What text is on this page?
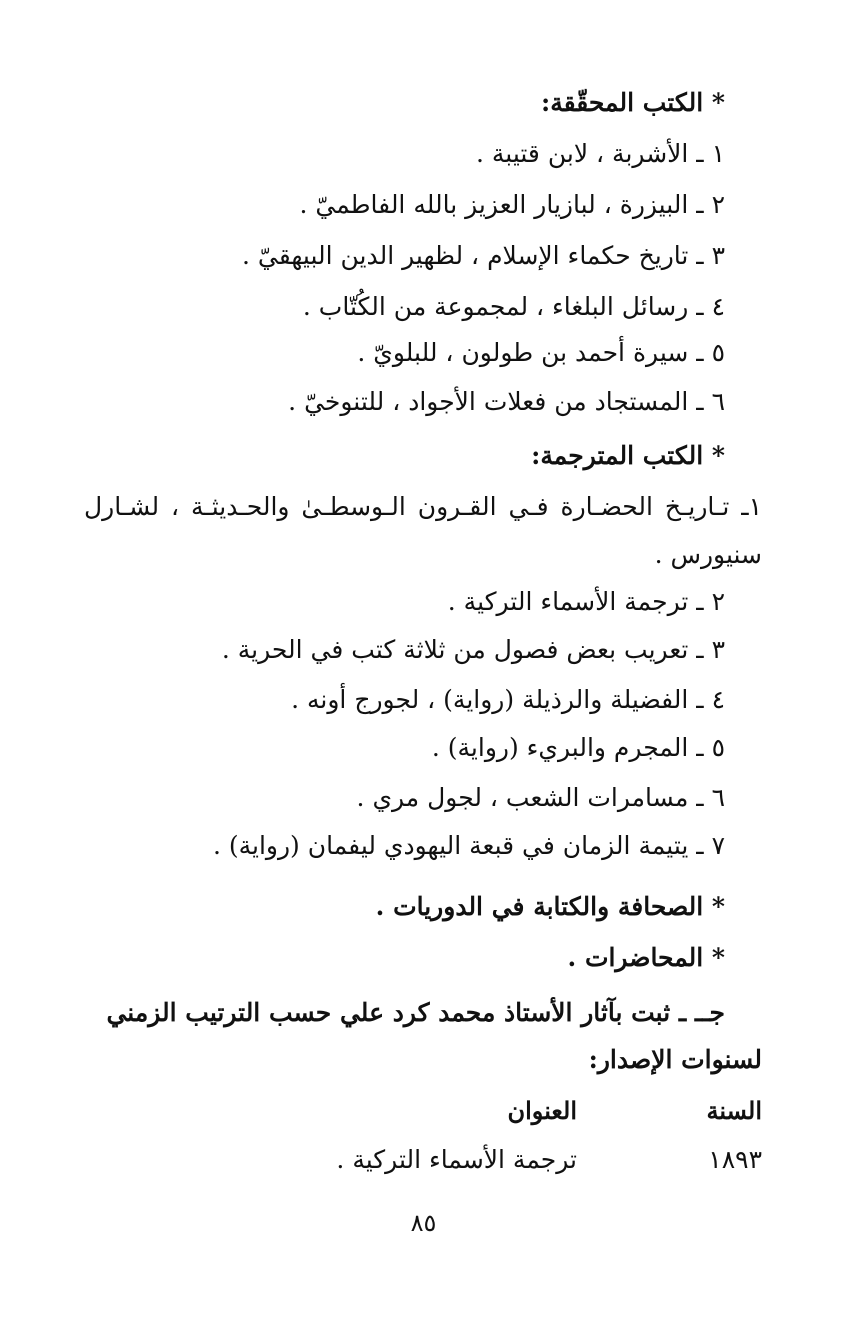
* الكتب المحقّقة:
١ ـ الأشربة ، لابن قتيبة .
٢ ـ البيزرة ، لبازيار العزيز بالله الفاطميّ .
٣ ـ تاريخ حكماء الإسلام ، لظهير الدين البيهقيّ .
٤ ـ رسائل البلغاء ، لمجموعة من الكُتّاب .
٥ ـ سيرة أحمد بن طولون ، للبلويّ .
٦ ـ المستجاد من فعلات الأجواد ، للتنوخيّ .
* الكتب المترجمة:
١ـ تـاريـخ الحضـارة فـي القـرون الـوسطـىٰ والحـديثـة ، لشـارل
سنيورس .
٢ ـ ترجمة الأسماء التركية .
٣ ـ تعريب بعض فصول من ثلاثة كتب في الحرية .
٤ ـ الفضيلة والرذيلة (رواية) ، لجورج أونه .
٥ ـ المجرم والبريء (رواية) .
٦ ـ مسامرات الشعب ، لجول مري .
٧ ـ يتيمة الزمان في قبعة اليهودي ليفمان (رواية) .
* الصحافة والكتابة في الدوريات .
* المحاضرات .
جــ ـ ثبت بآثار الأستاذ محمد كرد علي حسب الترتيب الزمني
لسنوات الإصدار:
السنة
العنوان
١٨٩٣
ترجمة الأسماء التركية .
٨٥
